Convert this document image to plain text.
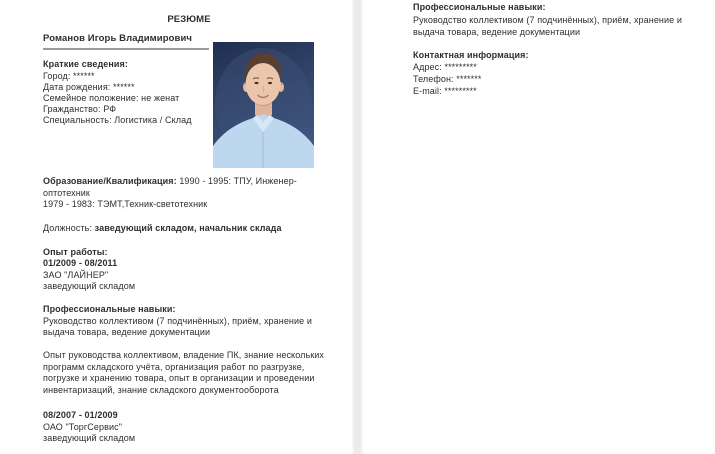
РЕЗЮМЕ
Романов Игорь Владимирович
Краткие сведения:
Город: ******
Дата рождения: ******
Семейное положение: не женат
Гражданство: РФ
Специальность: Логистика / Склад
Образование/Квалификация: 1990 - 1995: ТПУ, Инженер-
оптотехник
1979 - 1983: ТЭМТ,Техник-светотехник
Должность: заведующий складом, начальник склада
Опыт работы:
01/2009 - 08/2011
ЗАО "ЛАЙНЕР"
заведующий складом
Профессиональные навыки:
Руководство коллективом (7 подчинённых), приём, хранение и
выдача товара, ведение документации
Опыт руководства коллективом, владение ПК, знание нескольких
программ складского учёта, организация работ по разгрузке,
погрузке и хранению товара, опыт в организации и проведении
инвентаризаций, знание складского документооборота
08/2007 - 01/2009
ОАО "ТоргСервис"
заведующий складом
Профессиональные навыки:
Руководство коллективом (7 подчинённых), приём, хранение и
выдача товара, ведение документации
Контактная информация:
Адрес: *********
Телефон: *******
E-mail: *********
